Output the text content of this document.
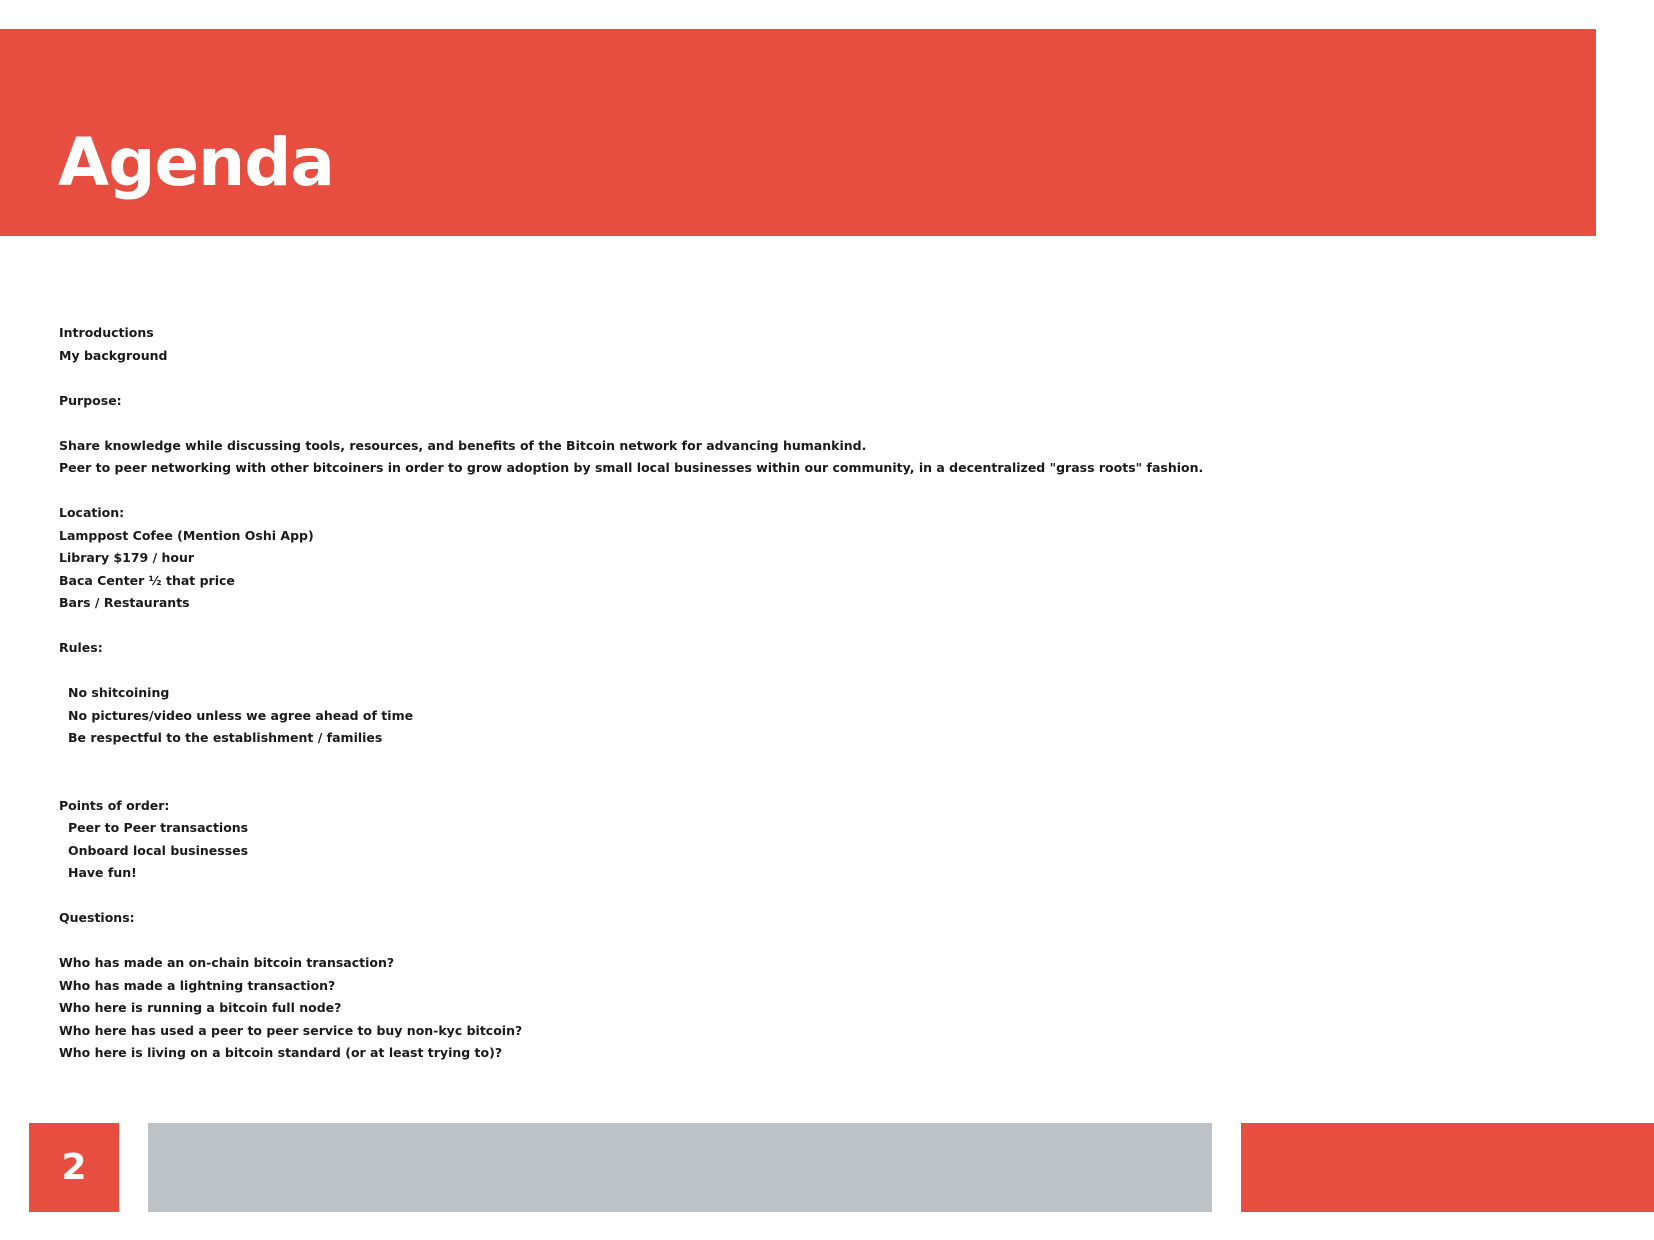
Agenda
Introductions
My background
Purpose:
Share knowledge while discussing tools, resources, and benefits of the Bitcoin network for advancing humankind.
Peer to peer networking with other bitcoiners in order to grow adoption by small local businesses within our community, in a decentralized "grass roots" fashion.
Location:
Lamppost Cofee (Mention Oshi App)
Library $179 / hour
Baca Center ½ that price
Bars / Restaurants
Rules:
No shitcoining
No pictures/video unless we agree ahead of time
Be respectful to the establishment / families
Points of order:
Peer to Peer transactions
Onboard local businesses
Have fun!
Questions:
Who has made an on-chain bitcoin transaction?
Who has made a lightning transaction?
Who here is running a bitcoin full node?
Who here has used a peer to peer service to buy non-kyc bitcoin?
Who here is living on a bitcoin standard (or at least trying to)?
2
